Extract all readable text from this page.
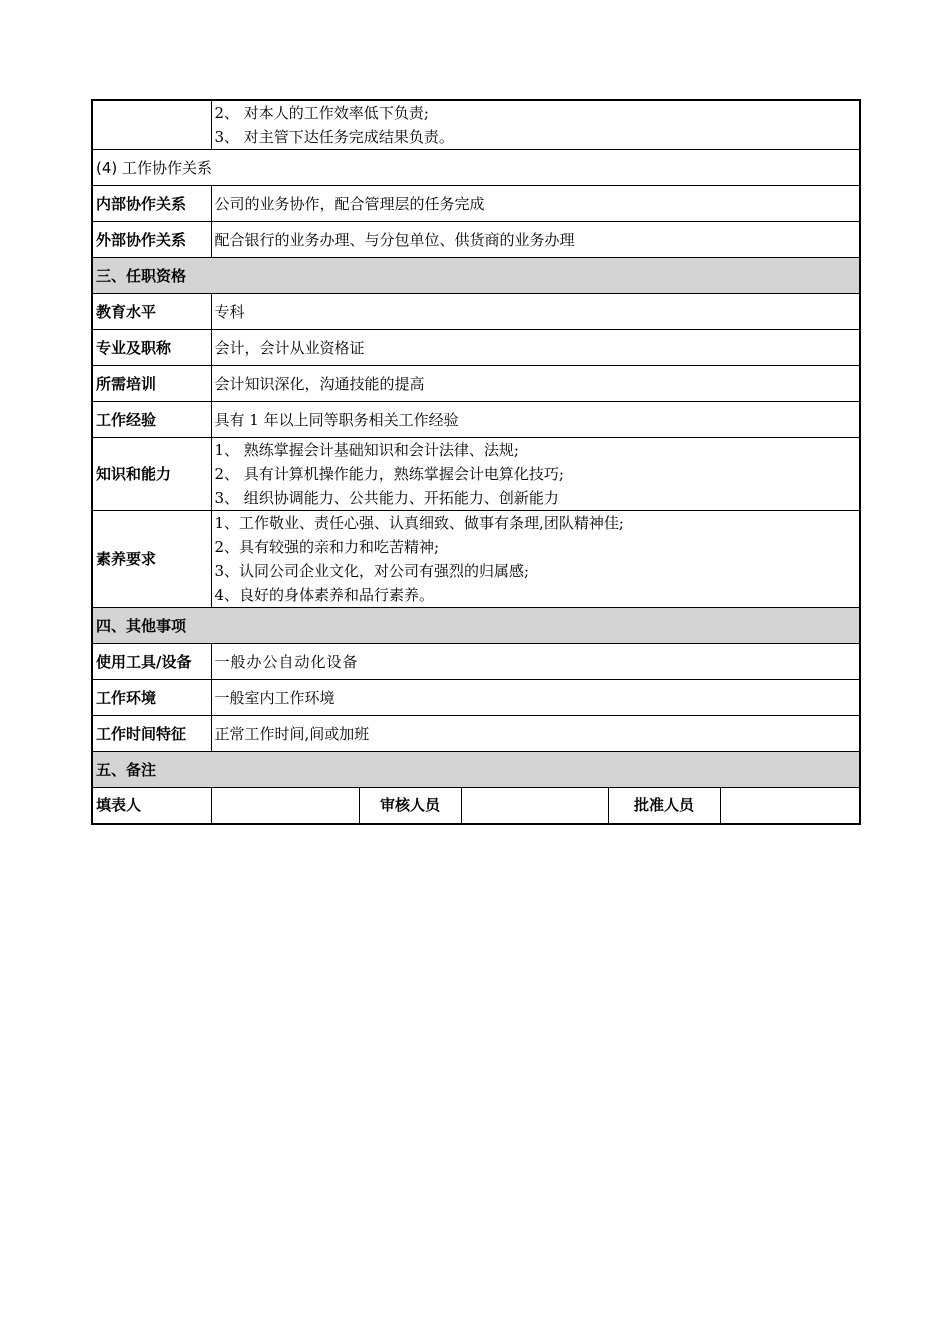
	2、 对本人的工作效率低下负责;
3、 对主管下达任务完成结果负责。				

(4) 工作协作关系					
内部协作关系	公司的业务协作，配合管理层的任务完成				
外部协作关系	配合银行的业务办理、与分包单位、供货商的业务办理				
三、任职资格					
教育水平	专科				
专业及职称	会计，会计从业资格证				
所需培训	会计知识深化，沟通技能的提高				
工作经验	具有 1 年以上同等职务相关工作经验				
知识和能力	1、 熟练掌握会计基础知识和会计法律、法规;
2、 具有计算机操作能力，熟练掌握会计电算化技巧;
3、 组织协调能力、公共能力、开拓能力、创新能力				

素养要求	1、工作敬业、责任心强、认真细致、做事有条理,团队精神佳;
2、具有较强的亲和力和吃苦精神;
3、认同公司企业文化，对公司有强烈的归属感;
4、良好的身体素养和品行素养。				

四、其他事项					
使用工具/设备	一般办公自动化设备				
工作环境	一般室内工作环境				
工作时间特征	正常工作时间,间或加班				
五、备注					
填表人		审核人员		批准人员	
